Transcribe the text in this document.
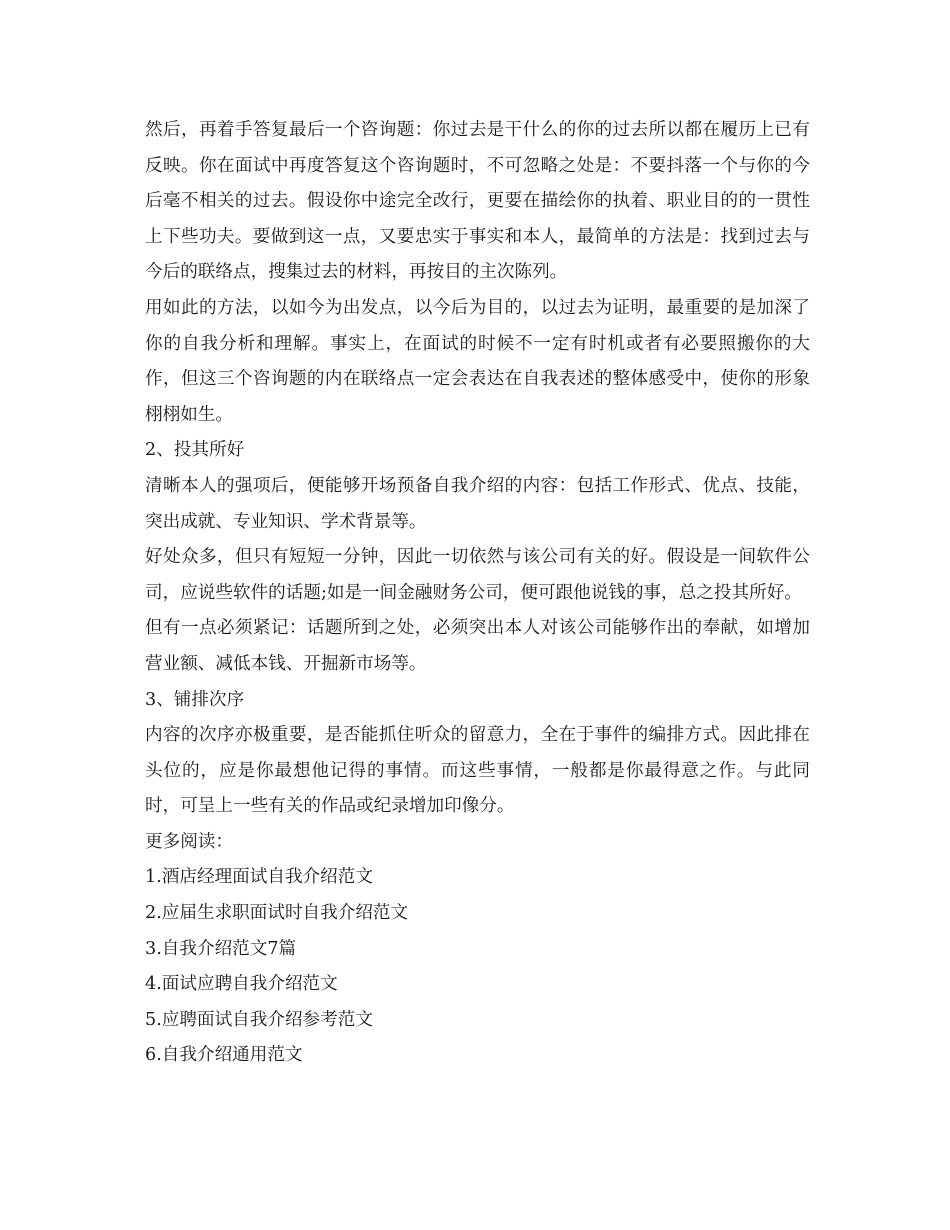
然后，再着手答复最后一个咨询题：你过去是干什么的你的过去所以都在履历上已有反映。你在面试中再度答复这个咨询题时，不可忽略之处是：不要抖落一个与你的今后毫不相关的过去。假设你中途完全改行，更要在描绘你的执着、职业目的的一贯性上下些功夫。要做到这一点，又要忠实于事实和本人，最简单的方法是：找到过去与今后的联络点，搜集过去的材料，再按目的主次陈列。

用如此的方法，以如今为出发点，以今后为目的，以过去为证明，最重要的是加深了你的自我分析和理解。事实上，在面试的时候不一定有时机或者有必要照搬你的大作，但这三个咨询题的内在联络点一定会表达在自我表述的整体感受中，使你的形象栩栩如生。

2、投其所好

清晰本人的强项后，便能够开场预备自我介绍的内容：包括工作形式、优点、技能，突出成就、专业知识、学术背景等。

好处众多，但只有短短一分钟，因此一切依然与该公司有关的好。假设是一间软件公司，应说些软件的话题;如是一间金融财务公司，便可跟他说钱的事，总之投其所好。

但有一点必须紧记：话题所到之处，必须突出本人对该公司能够作出的奉献，如增加营业额、减低本钱、开掘新市场等。

3、铺排次序

内容的次序亦极重要，是否能抓住听众的留意力，全在于事件的编排方式。因此排在头位的，应是你最想他记得的事情。而这些事情，一般都是你最得意之作。与此同时，可呈上一些有关的作品或纪录增加印像分。

更多阅读：

1.酒店经理面试自我介绍范文
2.应届生求职面试时自我介绍范文
3.自我介绍范文7篇
4.面试应聘自我介绍范文
5.应聘面试自我介绍参考范文
6.自我介绍通用范文
